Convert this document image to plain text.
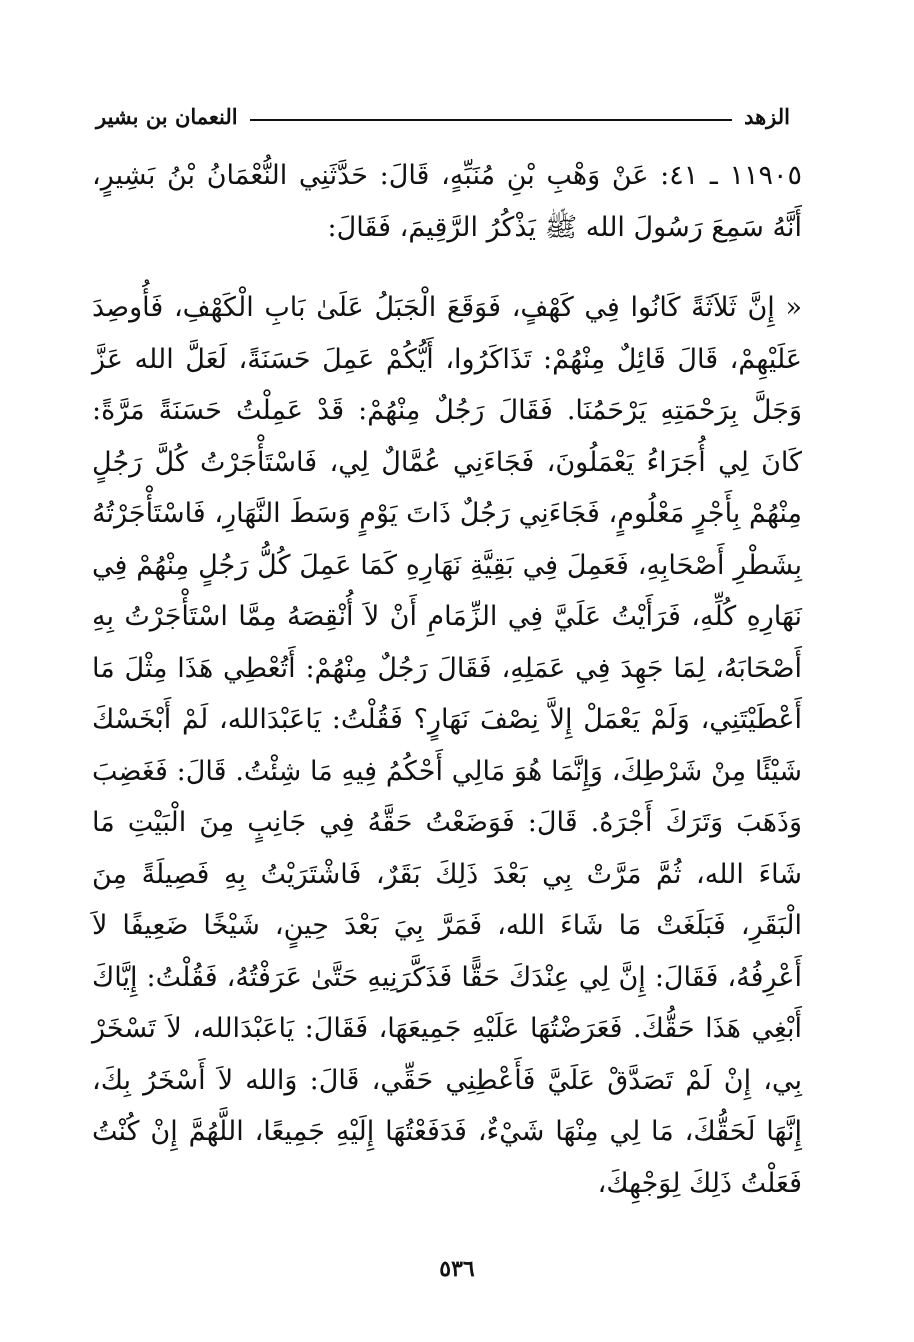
الزهد
النعمان بن بشير

١١٩٠٥ ـ ٤١: عَنْ وَهْبِ بْنِ مُنَبِّهٍ، قَالَ: حَدَّثَنِي النُّعْمَانُ بْنُ بَشِيرٍ، أَنَّهُ سَمِعَ رَسُولَ الله ﷺ يَذْكُرُ الرَّقِيمَ، فَقَالَ:

« إِنَّ ثَلاَثَةً كَانُوا فِي كَهْفٍ، فَوَقَعَ الْجَبَلُ عَلَىٰ بَابِ الْكَهْفِ، فَأُوصِدَ عَلَيْهِمْ، قَالَ قَائِلٌ مِنْهُمْ: تَذَاكَرُوا، أَيُّكُمْ عَمِلَ حَسَنَةً، لَعَلَّ الله عَزَّ وَجَلَّ بِرَحْمَتِهِ يَرْحَمُنَا. فَقَالَ رَجُلٌ مِنْهُمْ: قَدْ عَمِلْتُ حَسَنَةً مَرَّةً: كَانَ لِي أُجَرَاءُ يَعْمَلُونَ، فَجَاءَنِي عُمَّالٌ لِي، فَاسْتَأْجَرْتُ كُلَّ رَجُلٍ مِنْهُمْ بِأَجْرٍ مَعْلُومٍ، فَجَاءَنِي رَجُلٌ ذَاتَ يَوْمٍ وَسَطَ النَّهَارِ، فَاسْتَأْجَرْتُهُ بِشَطْرِ أَصْحَابِهِ، فَعَمِلَ فِي بَقِيَّةِ نَهَارِهِ كَمَا عَمِلَ كُلُّ رَجُلٍ مِنْهُمْ فِي نَهَارِهِ كُلِّهِ، فَرَأَيْتُ عَلَيَّ فِي الزِّمَامِ أَنْ لاَ أُنْقِصَهُ مِمَّا اسْتَأْجَرْتُ بِهِ أَصْحَابَهُ، لِمَا جَهِدَ فِي عَمَلِهِ، فَقَالَ رَجُلٌ مِنْهُمْ: أَتُعْطِي هَذَا مِثْلَ مَا أَعْطَيْتَنِي، وَلَمْ يَعْمَلْ إِلاَّ نِصْفَ نَهَارٍ؟ فَقُلْتُ: يَاعَبْدَالله، لَمْ أَبْخَسْكَ شَيْئًا مِنْ شَرْطِكَ، وَإِنَّمَا هُوَ مَالِي أَحْكُمُ فِيهِ مَا شِئْتُ. قَالَ: فَغَضِبَ وَذَهَبَ وَتَرَكَ أَجْرَهُ. قَالَ: فَوَضَعْتُ حَقَّهُ فِي جَانِبٍ مِنَ الْبَيْتِ مَا شَاءَ الله، ثُمَّ مَرَّتْ بِي بَعْدَ ذَلِكَ بَقَرٌ، فَاشْتَرَيْتُ بِهِ فَصِيلَةً مِنَ الْبَقَرِ، فَبَلَغَتْ مَا شَاءَ الله، فَمَرَّ بِيَ بَعْدَ حِينٍ، شَيْخًا ضَعِيفًا لاَ أَعْرِفُهُ، فَقَالَ: إِنَّ لِي عِنْدَكَ حَقًّا فَذَكَّرَنِيهِ حَتَّىٰ عَرَفْتُهُ، فَقُلْتُ: إِيَّاكَ أَبْغِي هَذَا حَقُّكَ. فَعَرَضْتُهَا عَلَيْهِ جَمِيعَهَا، فَقَالَ: يَاعَبْدَالله، لاَ تَسْخَرْ بِي، إِنْ لَمْ تَصَدَّقْ عَلَيَّ فَأَعْطِنِي حَقِّي، قَالَ: وَالله لاَ أَسْخَرُ بِكَ، إِنَّهَا لَحَقُّكَ، مَا لِي مِنْهَا شَيْءٌ، فَدَفَعْتُهَا إِلَيْهِ جَمِيعًا، اللَّهُمَّ إِنْ كُنْتُ فَعَلْتُ ذَلِكَ لِوَجْهِكَ،

٥٣٦
